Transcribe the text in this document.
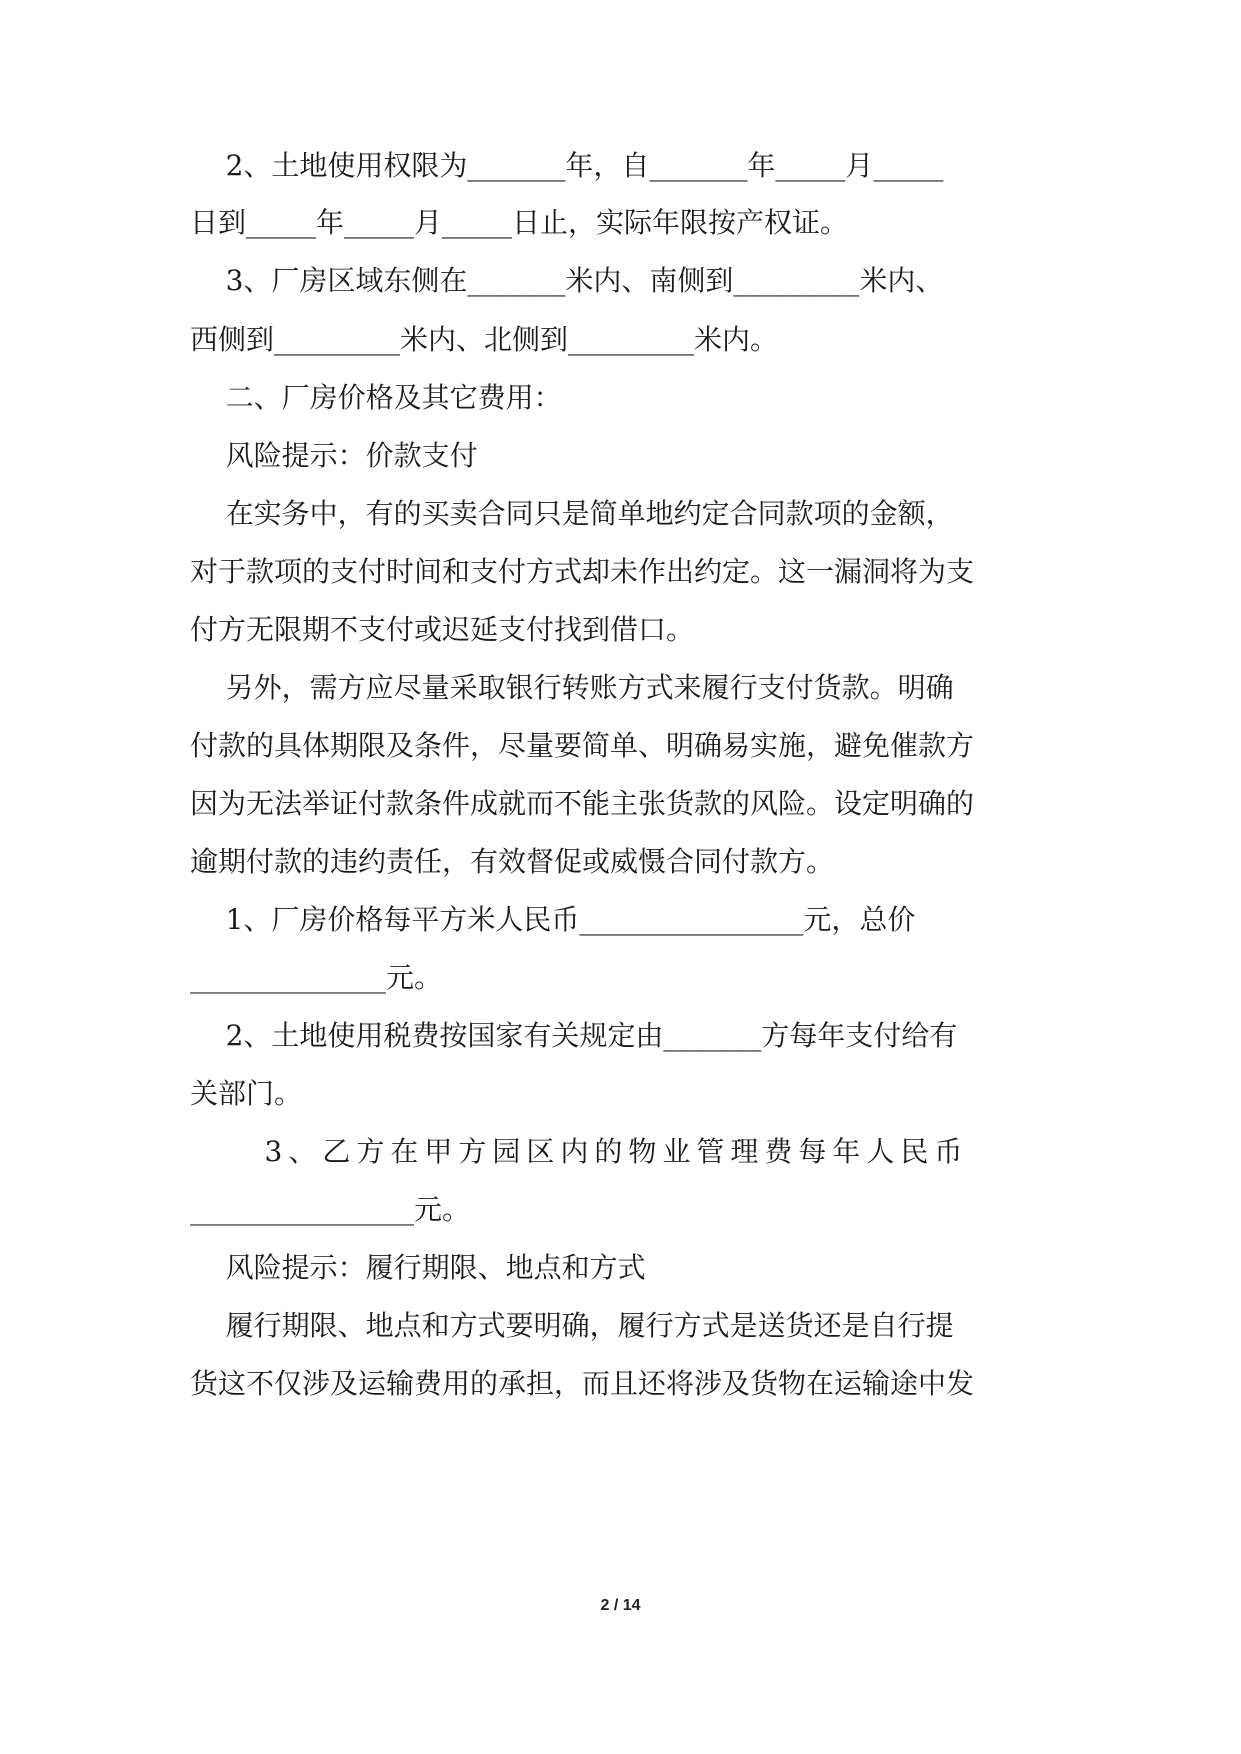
2、土地使用权限为_______年，自_______年_____月_____
日到_____年_____月_____日止，实际年限按产权证。
3、厂房区域东侧在_______米内、南侧到_________米内、
西侧到_________米内、北侧到_________米内。
二、厂房价格及其它费用：
风险提示：价款支付
在实务中，有的买卖合同只是简单地约定合同款项的金额，
对于款项的支付时间和支付方式却未作出约定。这一漏洞将为支
付方无限期不支付或迟延支付找到借口。
另外，需方应尽量采取银行转账方式来履行支付货款。明确
付款的具体期限及条件，尽量要简单、明确易实施，避免催款方
因为无法举证付款条件成就而不能主张货款的风险。设定明确的
逾期付款的违约责任，有效督促或威慑合同付款方。
1、厂房价格每平方米人民币________________元，总价
______________元。
2、土地使用税费按国家有关规定由_______方每年支付给有
关部门。
3、乙方在甲方园区内的物业管理费每年人民币
________________元。
风险提示：履行期限、地点和方式
履行期限、地点和方式要明确，履行方式是送货还是自行提
货这不仅涉及运输费用的承担，而且还将涉及货物在运输途中发
2 / 14
